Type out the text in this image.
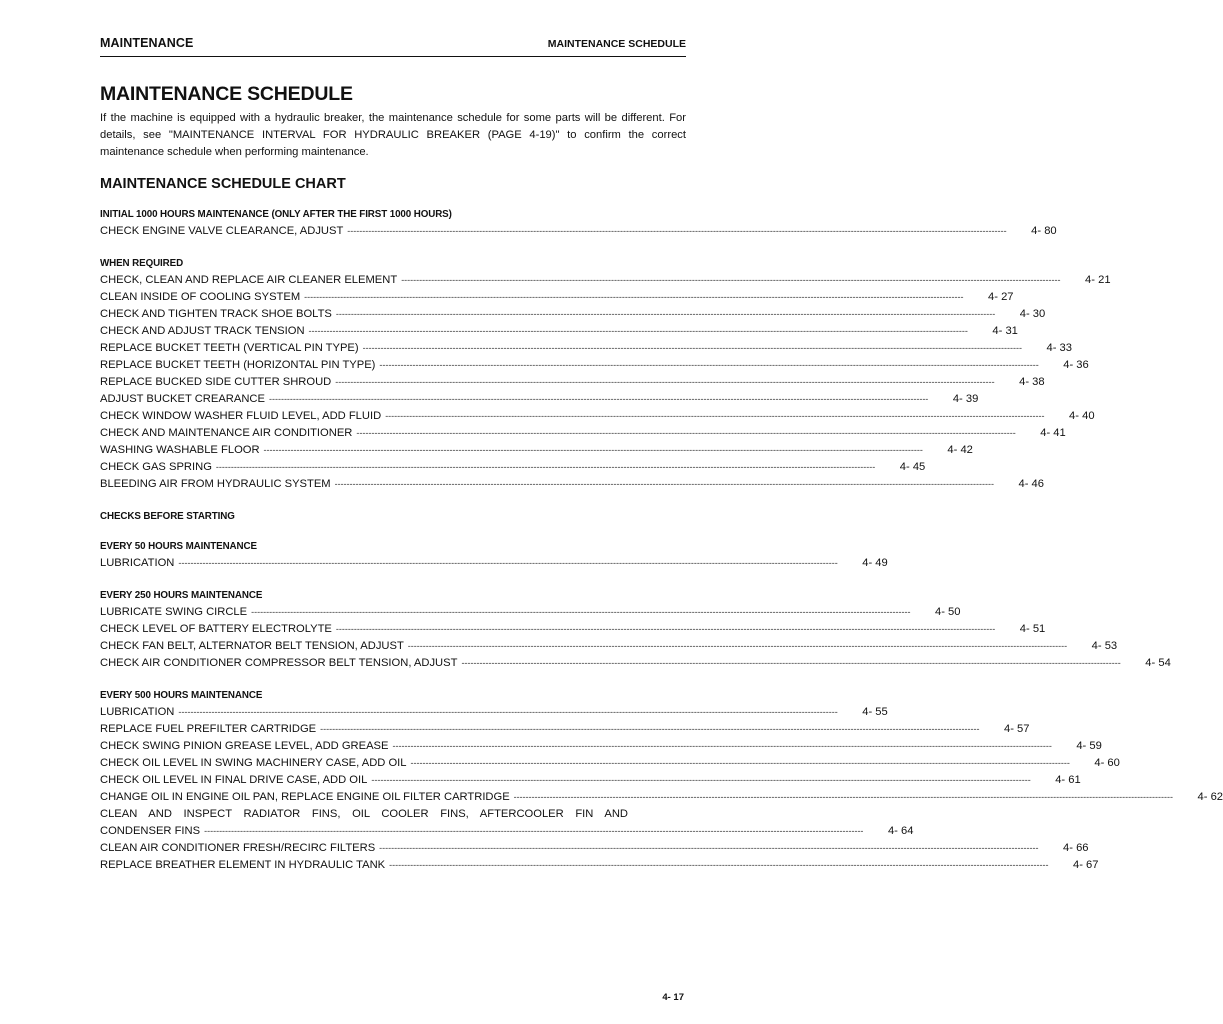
MAINTENANCE	MAINTENANCE SCHEDULE
MAINTENANCE SCHEDULE
If the machine is equipped with a hydraulic breaker, the maintenance schedule for some parts will be different. For details, see "MAINTENANCE INTERVAL FOR HYDRAULIC BREAKER (PAGE 4-19)" to confirm the correct maintenance schedule when performing maintenance.
MAINTENANCE SCHEDULE CHART
INITIAL 1000 HOURS MAINTENANCE (ONLY AFTER THE FIRST 1000 HOURS)
CHECK ENGINE VALVE CLEARANCE, ADJUST ----------------------------------------------------------------------------------------------------------------------------------------------------------------------------------------------------------------------------	4- 80
WHEN REQUIRED
CHECK, CLEAN AND REPLACE AIR CLEANER ELEMENT ----------------------------------------------------------------------------------------------------------------------------------------------------------------------------------------------------------------------------	4- 21
CLEAN INSIDE OF COOLING SYSTEM ----------------------------------------------------------------------------------------------------------------------------------------------------------------------------------------------------------------------------	4- 27
CHECK AND TIGHTEN TRACK SHOE BOLTS ----------------------------------------------------------------------------------------------------------------------------------------------------------------------------------------------------------------------------	4- 30
CHECK AND ADJUST TRACK TENSION ----------------------------------------------------------------------------------------------------------------------------------------------------------------------------------------------------------------------------	4- 31
REPLACE BUCKET TEETH (VERTICAL PIN TYPE) ----------------------------------------------------------------------------------------------------------------------------------------------------------------------------------------------------------------------------	4- 33
REPLACE BUCKET TEETH (HORIZONTAL PIN TYPE) ----------------------------------------------------------------------------------------------------------------------------------------------------------------------------------------------------------------------------	4- 36
REPLACE BUCKED SIDE CUTTER SHROUD ----------------------------------------------------------------------------------------------------------------------------------------------------------------------------------------------------------------------------	4- 38
ADJUST BUCKET CREARANCE ----------------------------------------------------------------------------------------------------------------------------------------------------------------------------------------------------------------------------	4- 39
CHECK WINDOW WASHER FLUID LEVEL, ADD FLUID ----------------------------------------------------------------------------------------------------------------------------------------------------------------------------------------------------------------------------	4- 40
CHECK AND MAINTENANCE AIR CONDITIONER ----------------------------------------------------------------------------------------------------------------------------------------------------------------------------------------------------------------------------	4- 41
WASHING WASHABLE FLOOR ----------------------------------------------------------------------------------------------------------------------------------------------------------------------------------------------------------------------------	4- 42
CHECK GAS SPRING ----------------------------------------------------------------------------------------------------------------------------------------------------------------------------------------------------------------------------	4- 45
BLEEDING AIR FROM HYDRAULIC SYSTEM ----------------------------------------------------------------------------------------------------------------------------------------------------------------------------------------------------------------------------	4- 46
CHECKS BEFORE STARTING
EVERY 50 HOURS MAINTENANCE
LUBRICATION ----------------------------------------------------------------------------------------------------------------------------------------------------------------------------------------------------------------------------	4- 49
EVERY 250 HOURS MAINTENANCE
LUBRICATE SWING CIRCLE ----------------------------------------------------------------------------------------------------------------------------------------------------------------------------------------------------------------------------	4- 50
CHECK LEVEL OF BATTERY ELECTROLYTE ----------------------------------------------------------------------------------------------------------------------------------------------------------------------------------------------------------------------------	4- 51
CHECK FAN BELT, ALTERNATOR BELT TENSION, ADJUST ----------------------------------------------------------------------------------------------------------------------------------------------------------------------------------------------------------------------------	4- 53
CHECK AIR CONDITIONER COMPRESSOR BELT TENSION, ADJUST ----------------------------------------------------------------------------------------------------------------------------------------------------------------------------------------------------------------------------	4- 54
EVERY 500 HOURS MAINTENANCE
LUBRICATION ----------------------------------------------------------------------------------------------------------------------------------------------------------------------------------------------------------------------------	4- 55
REPLACE FUEL PREFILTER CARTRIDGE ----------------------------------------------------------------------------------------------------------------------------------------------------------------------------------------------------------------------------	4- 57
CHECK SWING PINION GREASE LEVEL, ADD GREASE ----------------------------------------------------------------------------------------------------------------------------------------------------------------------------------------------------------------------------	4- 59
CHECK OIL LEVEL IN SWING MACHINERY CASE, ADD OIL ----------------------------------------------------------------------------------------------------------------------------------------------------------------------------------------------------------------------------	4- 60
CHECK OIL LEVEL IN FINAL DRIVE CASE, ADD OIL ----------------------------------------------------------------------------------------------------------------------------------------------------------------------------------------------------------------------------	4- 61
CHANGE OIL IN ENGINE OIL PAN, REPLACE ENGINE OIL FILTER CARTRIDGE ----------------------------------------------------------------------------------------------------------------------------------------------------------------------------------------------------------------------------	4- 62
CLEAN AND INSPECT RADIATOR FINS, OIL COOLER FINS, AFTERCOOLER FIN AND
CONDENSER FINS ----------------------------------------------------------------------------------------------------------------------------------------------------------------------------------------------------------------------------	4- 64
CLEAN AIR CONDITIONER FRESH/RECIRC FILTERS ----------------------------------------------------------------------------------------------------------------------------------------------------------------------------------------------------------------------------	4- 66
REPLACE BREATHER ELEMENT IN HYDRAULIC TANK ----------------------------------------------------------------------------------------------------------------------------------------------------------------------------------------------------------------------------	4- 67
4- 17
